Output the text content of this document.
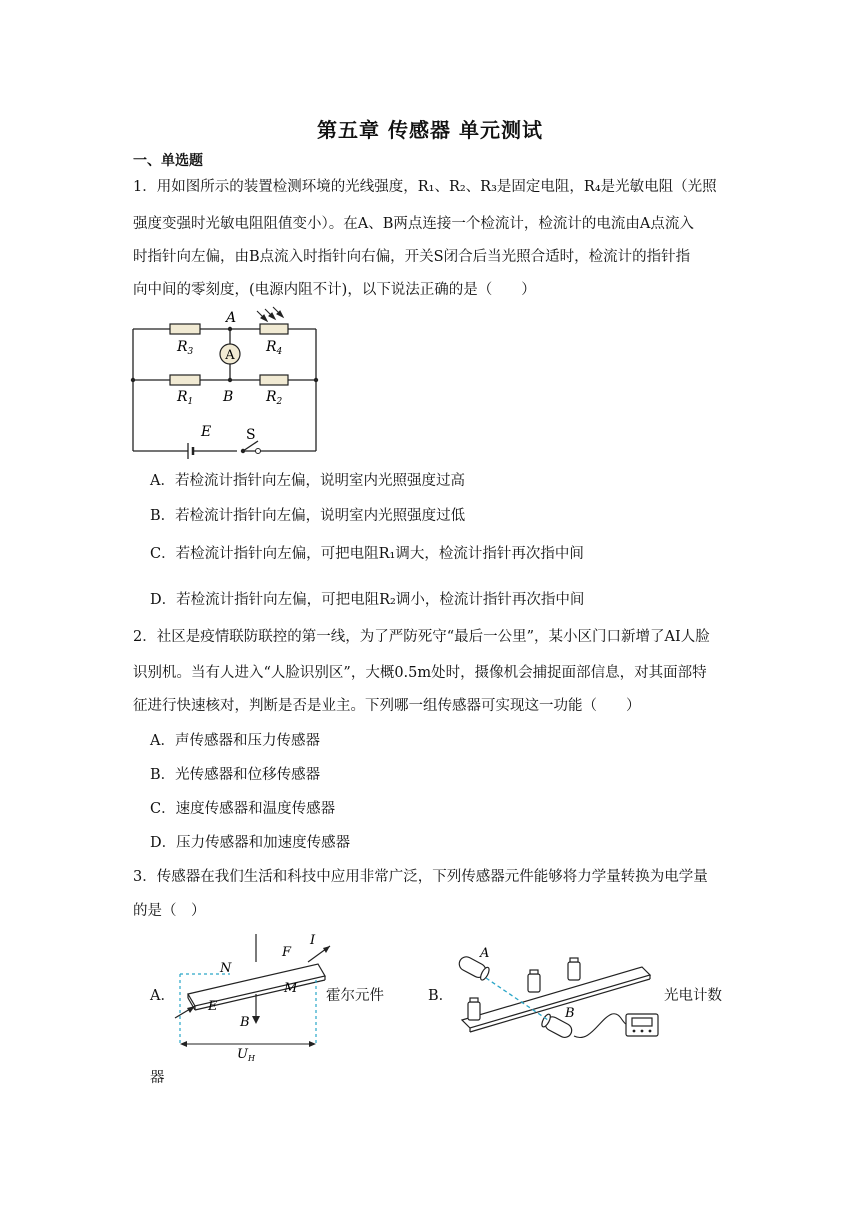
第五章 传感器 单元测试
一、单选题
1．用如图所示的装置检测环境的光线强度，R₁、R₂、R₃是固定电阻，R₄是光敏电阻（光照
强度变强时光敏电阻阻值变小）。在A、B两点连接一个检流计，检流计的电流由A点流入
时指针向左偏，由B点流入时指针向右偏，开关S闭合后当光照合适时，检流计的指针指
向中间的零刻度，(电源内阻不计)，以下说法正确的是（　　）
A
A
B
E S
$R_3$	$R_4$
$R_1$	$R_2$
A．若检流计指针向左偏，说明室内光照强度过高
B．若检流计指针向左偏，说明室内光照强度过低
C．若检流计指针向左偏，可把电阻R₁调大，检流计指针再次指中间
D．若检流计指针向左偏，可把电阻R₂调小，检流计指针再次指中间
2．社区是疫情联防联控的第一线，为了严防死守“最后一公里”，某小区门口新增了AI人脸
识别机。当有人进入“人脸识别区”，大概0.5m处时，摄像机会捕捉面部信息，对其面部特
征进行快速核对，判断是否是业主。下列哪一组传感器可实现这一功能（　　）
A．声传感器和压力传感器
B．光传感器和位移传感器
C．速度传感器和温度传感器
D．压力传感器和加速度传感器
3．传感器在我们生活和科技中应用非常广泛，下列传感器元件能够将力学量转换为电学量
的是（　）
A．	霍尔元件
器
N
F
I
M
E
B
$U_H$
B．	光电计数
A
B
